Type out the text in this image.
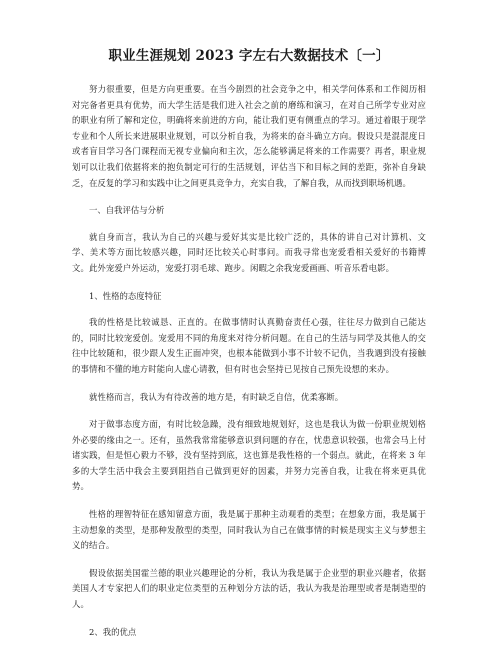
职业生涯规划 2023 字左右大数据技术〔一〕
努力很重要，但是方向更重要。在当今剧烈的社会竞争之中，相关学问体系和工作阅历相对完备者更具有优势，而大学生活是我们进入社会之前的磨练和演习，在对自己所学专业对应的职业有所了解和定位，明确将来前进的方向，能让我们更有侧重点的学习。通过着眼于现学专业和个人所长来进展职业规划，可以分析自我，为将来的奋斗确立方向。假设只是混混度日或者盲目学习各门课程而无视专业偏向和主次，怎么能够满足将来的工作需要？再者，职业规划可以让我们依据将来的抱负制定可行的生活规划，评估当下和目标之间的差距，弥补自身缺乏，在反复的学习和实践中让之间更具竞争力，充实自我，了解自我，从而找到职场机遇。
一、自我评估与分析
就自身而言，我认为自己的兴趣与爱好其实是比较广泛的，具体的讲自己对计算机、文学、美术等方面比较感兴趣，同时还比较关心时事问。而我寻常也宠爱看相关爱好的书籍博文。此外宠爱户外运动，宠爱打羽毛球、跑步。闲暇之余我宠爱画画、听音乐看电影。
1、性格的态度特征
我的性格是比较诚恳、正直的。在做事情时认真勤奋责任心强，往往尽力做到自己能达的，同时比较宠爱创。宠爱用不同的角度来对待分析问题。在自己的生活与同学及其他人的交往中比较随和，很少跟人发生正面冲突，也根本能做到小事不计较不记仇，当我遇到没有接触的事情和不懂的地方时能向人虚心请教，但有时也会坚持已见按自己预先设想的来办。
就性格而言，我认为有待改善的地方是，有时缺乏自信，优柔寡断。
对于做事态度方面，有时比较急躁，没有细致地规划好，这也是我认为做一份职业规划格外必要的缘由之一。还有，虽然我常常能够意识到问题的存在，忧患意识较强，也常会马上付诸实践，但是恒心毅力不够，没有坚持到底，这也算是我性格的一个弱点。就此，在将来 3 年多的大学生活中我会主要到阻挡自己做到更好的因素，并努力完善自我，让我在将来更具优势。
性格的理智特征在感知留意方面，我是属于那种主动观看的类型；在想象方面，我是属于主动想象的类型，是那种发散型的类型，同时我认为自己在做事情的时候是现实主义与梦想主义的结合。
假设依据美国霍兰德的职业兴趣理论的分析，我认为我是属于企业型的职业兴趣者，依据美国人才专家把人们的职业定位类型的五种划分方法的话，我认为我是治理型或者是制造型的人。
2、我的优点
